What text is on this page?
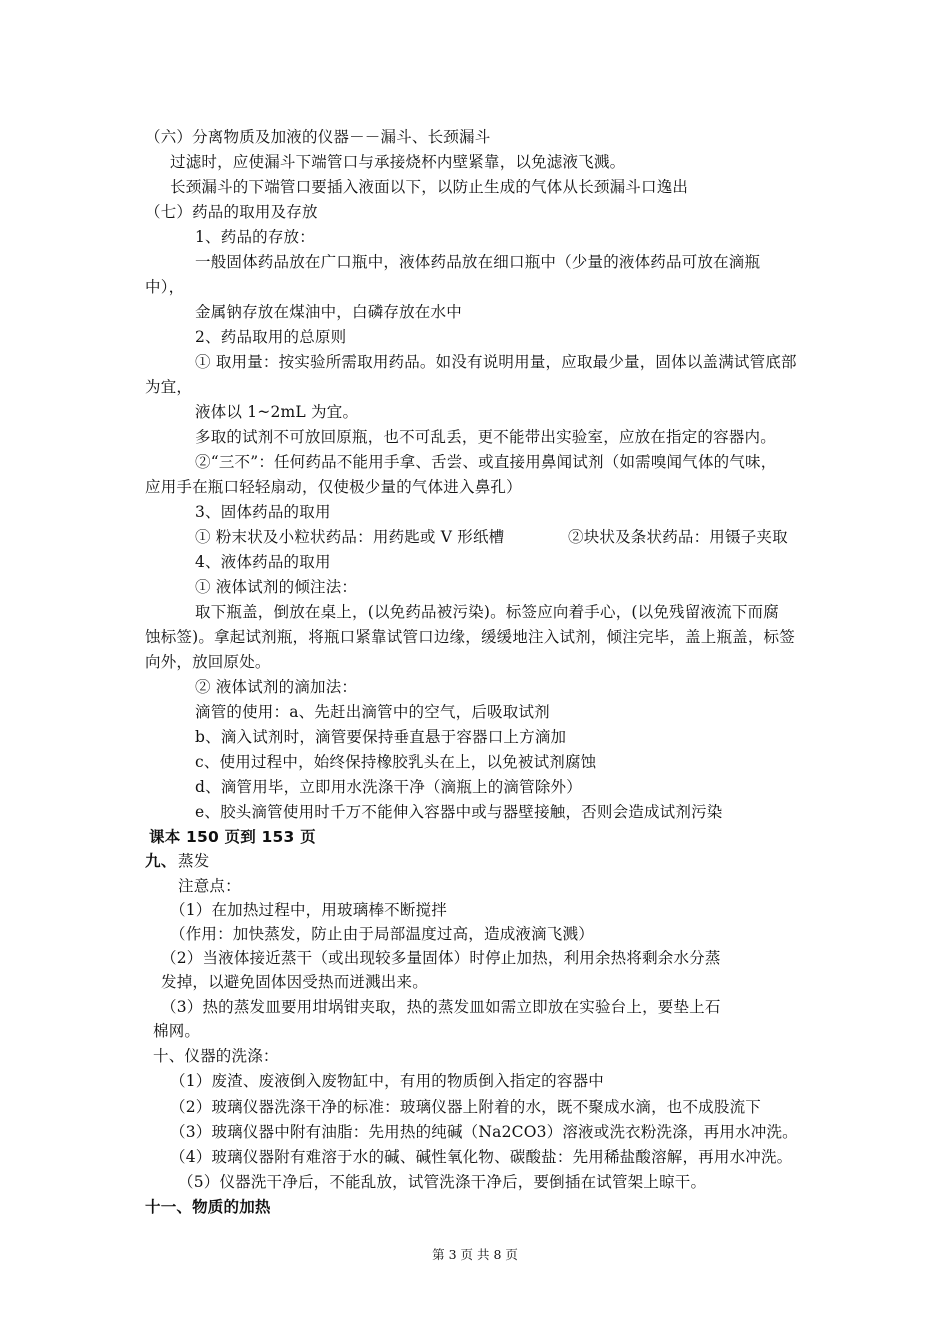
（六）分离物质及加液的仪器－－漏斗、长颈漏斗
过滤时，应使漏斗下端管口与承接烧杯内壁紧靠，以免滤液飞溅。
长颈漏斗的下端管口要插入液面以下，以防止生成的气体从长颈漏斗口逸出
（七）药品的取用及存放
1、药品的存放：
一般固体药品放在广口瓶中，液体药品放在细口瓶中（少量的液体药品可放在滴瓶
中），
金属钠存放在煤油中，白磷存放在水中
2、药品取用的总原则
① 取用量：按实验所需取用药品。如没有说明用量，应取最少量，固体以盖满试管底部
为宜，
液体以 1~2mL 为宜。
多取的试剂不可放回原瓶，也不可乱丢，更不能带出实验室，应放在指定的容器内。
②“三不”：任何药品不能用手拿、舌尝、或直接用鼻闻试剂（如需嗅闻气体的气味，
应用手在瓶口轻轻扇动，仅使极少量的气体进入鼻孔）
3、固体药品的取用
① 粉末状及小粒状药品：用药匙或 V 形纸槽	②块状及条状药品：用镊子夹取
4、液体药品的取用
① 液体试剂的倾注法：
取下瓶盖，倒放在桌上，(以免药品被污染)。标签应向着手心，(以免残留液流下而腐
蚀标签)。拿起试剂瓶，将瓶口紧靠试管口边缘，缓缓地注入试剂，倾注完毕，盖上瓶盖，标签
向外，放回原处。
② 液体试剂的滴加法：
滴管的使用：a、先赶出滴管中的空气，后吸取试剂
b、滴入试剂时，滴管要保持垂直悬于容器口上方滴加
c、使用过程中，始终保持橡胶乳头在上，以免被试剂腐蚀
d、滴管用毕，立即用水洗涤干净（滴瓶上的滴管除外）
e、胶头滴管使用时千万不能伸入容器中或与器壁接触，否则会造成试剂污染
课本 150 页到 153 页
九、 蒸发
注意点：
（1）在加热过程中，用玻璃棒不断搅拌
（作用：加快蒸发，防止由于局部温度过高，造成液滴飞溅）
（2）当液体接近蒸干（或出现较多量固体）时停止加热，利用余热将剩余水分蒸
发掉，以避免固体因受热而迸溅出来。
（3）热的蒸发皿要用坩埚钳夹取，热的蒸发皿如需立即放在实验台上，要垫上石
棉网。
十、仪器的洗涤：
（1）废渣、废液倒入废物缸中，有用的物质倒入指定的容器中
（2）玻璃仪器洗涤干净的标准：玻璃仪器上附着的水，既不聚成水滴，也不成股流下
（3）玻璃仪器中附有油脂：先用热的纯碱（Na2CO3）溶液或洗衣粉洗涤，再用水冲洗。
（4）玻璃仪器附有难溶于水的碱、碱性氧化物、碳酸盐：先用稀盐酸溶解，再用水冲洗。
（5）仪器洗干净后，不能乱放，试管洗涤干净后，要倒插在试管架上晾干。
十一、物质的加热
第 3 页 共 8 页
